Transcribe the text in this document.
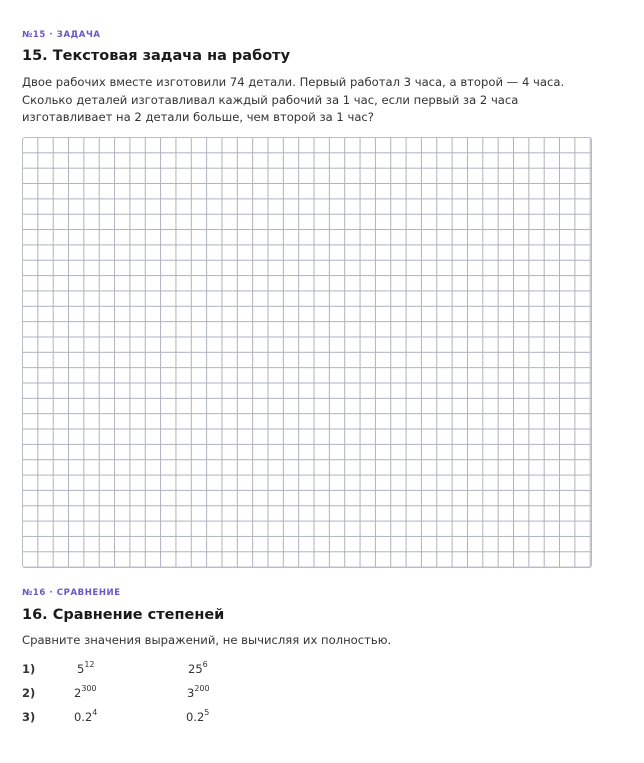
№15 · ЗАДАЧА
15. Текстовая задача на работу
Двое рабочих вместе изготовили 74 детали. Первый работал 3 часа, а второй — 4 часа. Сколько деталей изготавливал каждый рабочий за 1 час, если первый за 2 часа изготавливает на 2 детали больше, чем второй за 1 час?
№16 · СРАВНЕНИЕ
16. Сравнение степеней
Сравните значения выражений, не вычисляя их полностью.
1)	$5^{12}$	$25^6$
2)	$2^{300}$	$3^{200}$
3)	$0.2^4$	$0.2^5$
